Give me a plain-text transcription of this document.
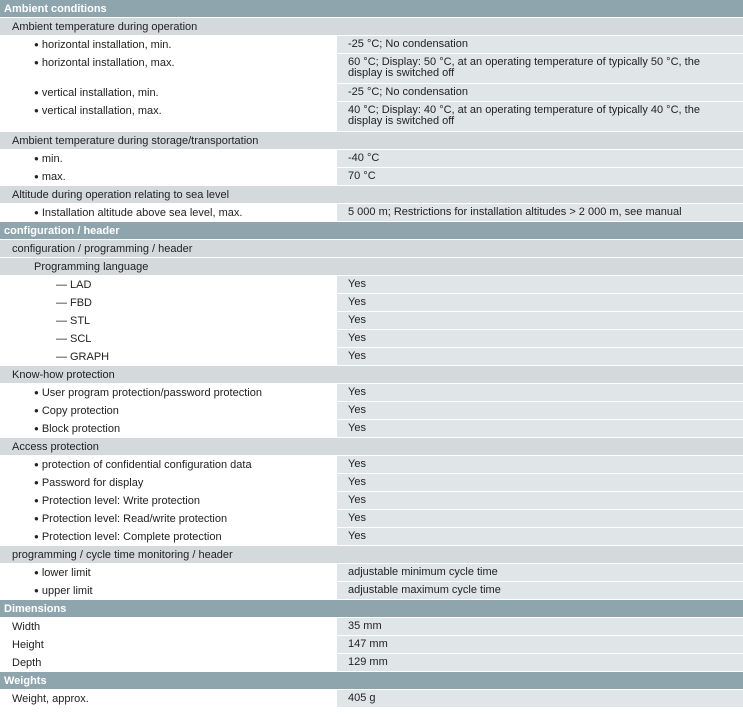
Ambient conditions
Ambient temperature during operation
● horizontal installation, min.	-25 °C; No condensation
● horizontal installation, max.	60 °C; Display: 50 °C, at an operating temperature of typically 50 °C, the display is switched off
● vertical installation, min.	-25 °C; No condensation
● vertical installation, max.	40 °C; Display: 40 °C, at an operating temperature of typically 40 °C, the display is switched off
Ambient temperature during storage/transportation
● min.	-40 °C
● max.	70 °C
Altitude during operation relating to sea level
● Installation altitude above sea level, max.	5 000 m; Restrictions for installation altitudes > 2 000 m, see manual
configuration / header
configuration / programming / header
Programming language
— LAD	Yes
— FBD	Yes
— STL	Yes
— SCL	Yes
— GRAPH	Yes
Know-how protection
● User program protection/password protection	Yes
● Copy protection	Yes
● Block protection	Yes
Access protection
● protection of confidential configuration data	Yes
● Password for display	Yes
● Protection level: Write protection	Yes
● Protection level: Read/write protection	Yes
● Protection level: Complete protection	Yes
programming / cycle time monitoring / header
● lower limit	adjustable minimum cycle time
● upper limit	adjustable maximum cycle time
Dimensions
Width	35 mm
Height	147 mm
Depth	129 mm
Weights
Weight, approx.	405 g
